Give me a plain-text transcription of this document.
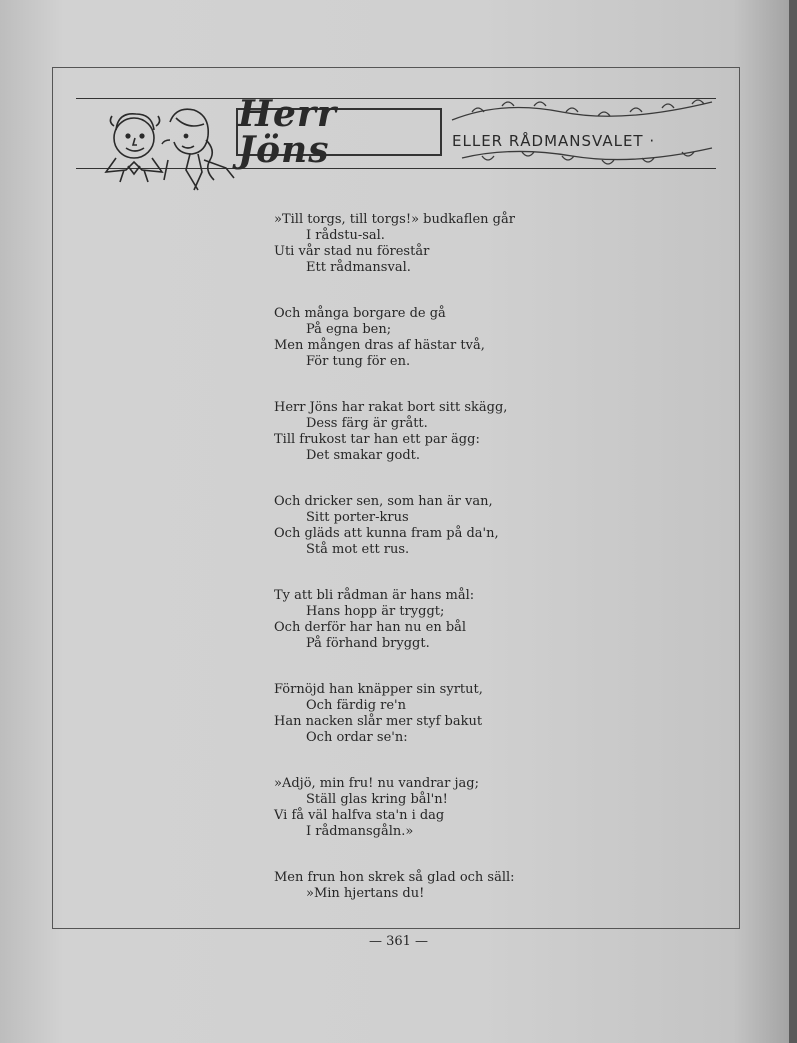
Herr Jöns	ELLER RÅDMANSVALET ·
»Till torgs, till torgs!» budkaflen går
I rådstu-sal.
Uti vår stad nu förestår
Ett rådmansval.
Och många borgare de gå
På egna ben;
Men mången dras af hästar två,
För tung för en.
Herr Jöns har rakat bort sitt skägg,
Dess färg är grått.
Till frukost tar han ett par ägg:
Det smakar godt.
Och dricker sen, som han är van,
Sitt porter-krus
Och gläds att kunna fram på da'n,
Stå mot ett rus.
Ty att bli rådman är hans mål:
Hans hopp är tryggt;
Och derför har han nu en bål
På förhand bryggt.
Förnöjd han knäpper sin syrtut,
Och färdig re'n
Han nacken slår mer styf bakut
Och ordar se'n:
»Adjö, min fru! nu vandrar jag;
Ställ glas kring bål'n!
Vi få väl halfva sta'n i dag
I rådmansgåln.»
Men frun hon skrek så glad och säll:
»Min hjertans du!
— 361 —
